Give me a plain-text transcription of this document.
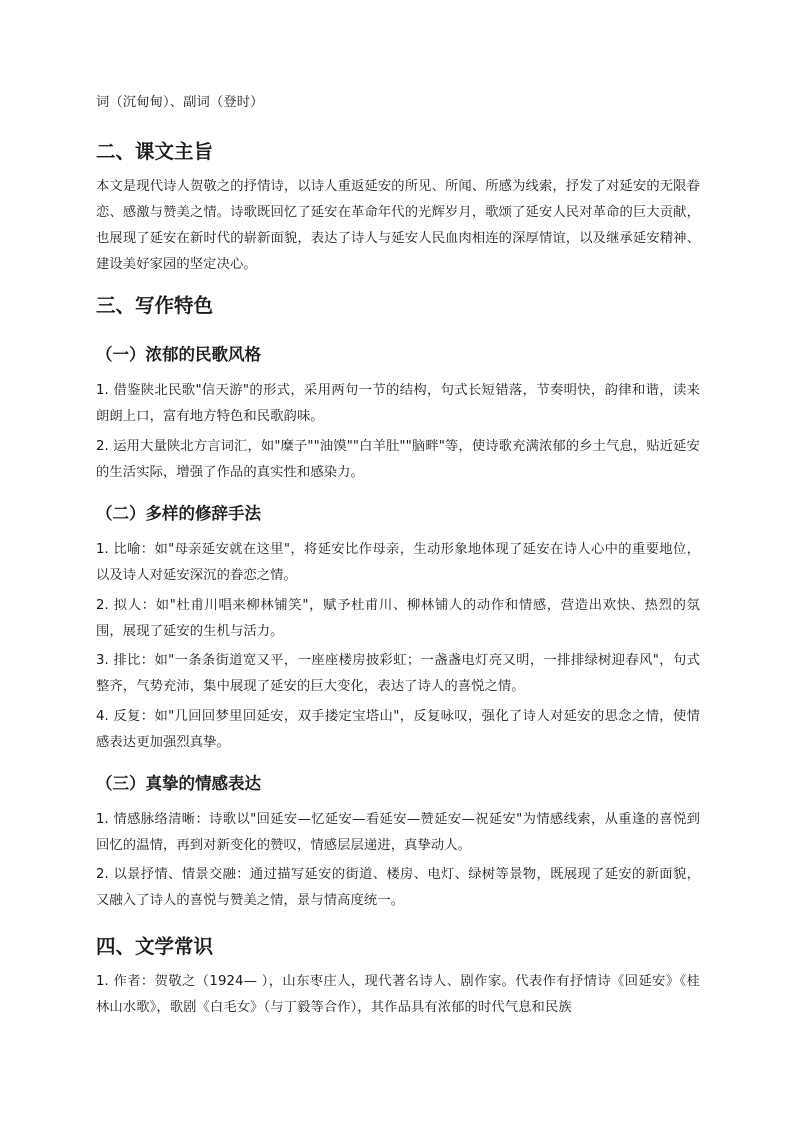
词（沉甸甸）、副词（登时）

二、课文主旨

本文是现代诗人贺敬之的抒情诗，以诗人重返延安的所见、所闻、所感为线索，抒发了对延安的无限眷恋、感激与赞美之情。诗歌既回忆了延安在革命年代的光辉岁月，歌颂了延安人民对革命的巨大贡献，也展现了延安在新时代的崭新面貌，表达了诗人与延安人民血肉相连的深厚情谊，以及继承延安精神、建设美好家园的坚定决心。

三、写作特色
（一）浓郁的民歌风格

1. 借鉴陕北民歌"信天游"的形式，采用两句一节的结构，句式长短错落，节奏明快，韵律和谐，读来朗朗上口，富有地方特色和民歌韵味。

2. 运用大量陕北方言词汇，如"糜子""油馍""白羊肚""脑畔"等，使诗歌充满浓郁的乡土气息，贴近延安的生活实际，增强了作品的真实性和感染力。

（二）多样的修辞手法

1. 比喻：如"母亲延安就在这里"，将延安比作母亲，生动形象地体现了延安在诗人心中的重要地位，以及诗人对延安深沉的眷恋之情。

2. 拟人：如"杜甫川唱来柳林铺笑"，赋予杜甫川、柳林铺人的动作和情感，营造出欢快、热烈的氛围，展现了延安的生机与活力。

3. 排比：如"一条条街道宽又平，一座座楼房披彩虹；一盏盏电灯亮又明，一排排绿树迎春风"，句式整齐，气势充沛，集中展现了延安的巨大变化，表达了诗人的喜悦之情。

4. 反复：如"几回回梦里回延安，双手搂定宝塔山"，反复咏叹，强化了诗人对延安的思念之情，使情感表达更加强烈真挚。

（三）真挚的情感表达

1. 情感脉络清晰：诗歌以"回延安—忆延安—看延安—赞延安—祝延安"为情感线索，从重逢的喜悦到回忆的温情，再到对新变化的赞叹，情感层层递进，真挚动人。

2. 以景抒情、情景交融：通过描写延安的街道、楼房、电灯、绿树等景物，既展现了延安的新面貌，又融入了诗人的喜悦与赞美之情，景与情高度统一。

四、文学常识

1. 作者：贺敬之（1924— ），山东枣庄人，现代著名诗人、剧作家。代表作有抒情诗《回延安》《桂林山水歌》，歌剧《白毛女》（与丁毅等合作），其作品具有浓郁的时代气息和民族
